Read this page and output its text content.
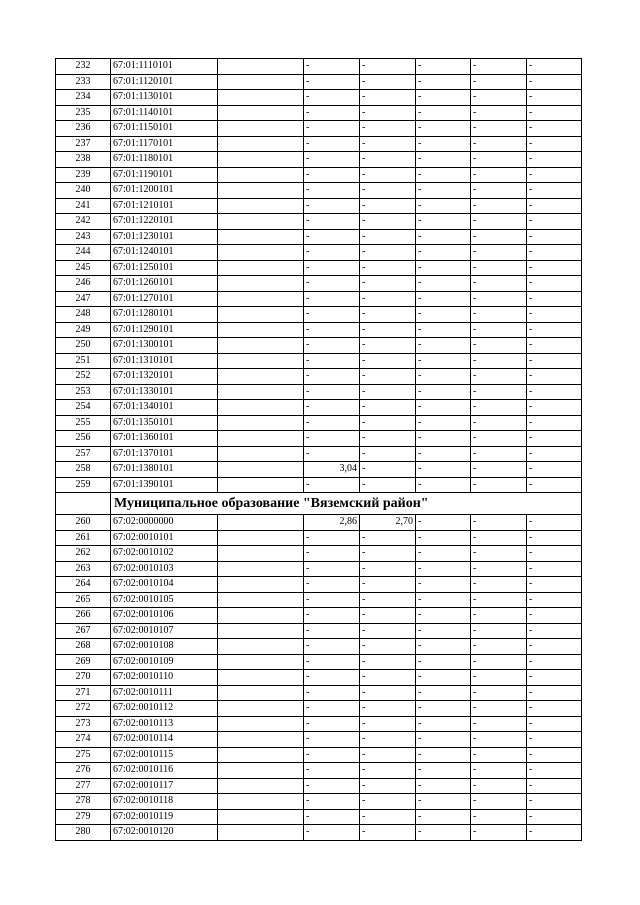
232	67:01:1110101		-	-	-	-	-
233	67:01:1120101		-	-	-	-	-
234	67:01:1130101		-	-	-	-	-
235	67:01:1140101		-	-	-	-	-
236	67:01:1150101		-	-	-	-	-
237	67:01:1170101		-	-	-	-	-
238	67:01:1180101		-	-	-	-	-
239	67:01:1190101		-	-	-	-	-
240	67:01:1200101		-	-	-	-	-
241	67:01:1210101		-	-	-	-	-
242	67:01:1220101		-	-	-	-	-
243	67:01:1230101		-	-	-	-	-
244	67:01:1240101		-	-	-	-	-
245	67:01:1250101		-	-	-	-	-
246	67:01:1260101		-	-	-	-	-
247	67:01:1270101		-	-	-	-	-
248	67:01:1280101		-	-	-	-	-
249	67:01:1290101		-	-	-	-	-
250	67:01:1300101		-	-	-	-	-
251	67:01:1310101		-	-	-	-	-
252	67:01:1320101		-	-	-	-	-
253	67:01:1330101		-	-	-	-	-
254	67:01:1340101		-	-	-	-	-
255	67:01:1350101		-	-	-	-	-
256	67:01:1360101		-	-	-	-	-
257	67:01:1370101		-	-	-	-	-
258	67:01:1380101		3,04	-	-	-	-
259	67:01:1390101		-	-	-	-	-
	Муниципальное образование "Вяземский район"						
260	67:02:0000000		2,86	2,70	-	-	-
261	67:02:0010101		-	-	-	-	-
262	67:02:0010102		-	-	-	-	-
263	67:02:0010103		-	-	-	-	-
264	67:02:0010104		-	-	-	-	-
265	67:02:0010105		-	-	-	-	-
266	67:02:0010106		-	-	-	-	-
267	67:02:0010107		-	-	-	-	-
268	67:02:0010108		-	-	-	-	-
269	67:02:0010109		-	-	-	-	-
270	67:02:0010110		-	-	-	-	-
271	67:02:0010111		-	-	-	-	-
272	67:02:0010112		-	-	-	-	-
273	67:02:0010113		-	-	-	-	-
274	67:02:0010114		-	-	-	-	-
275	67:02:0010115		-	-	-	-	-
276	67:02:0010116		-	-	-	-	-
277	67:02:0010117		-	-	-	-	-
278	67:02:0010118		-	-	-	-	-
279	67:02:0010119		-	-	-	-	-
280	67:02:0010120		-	-	-	-	-
